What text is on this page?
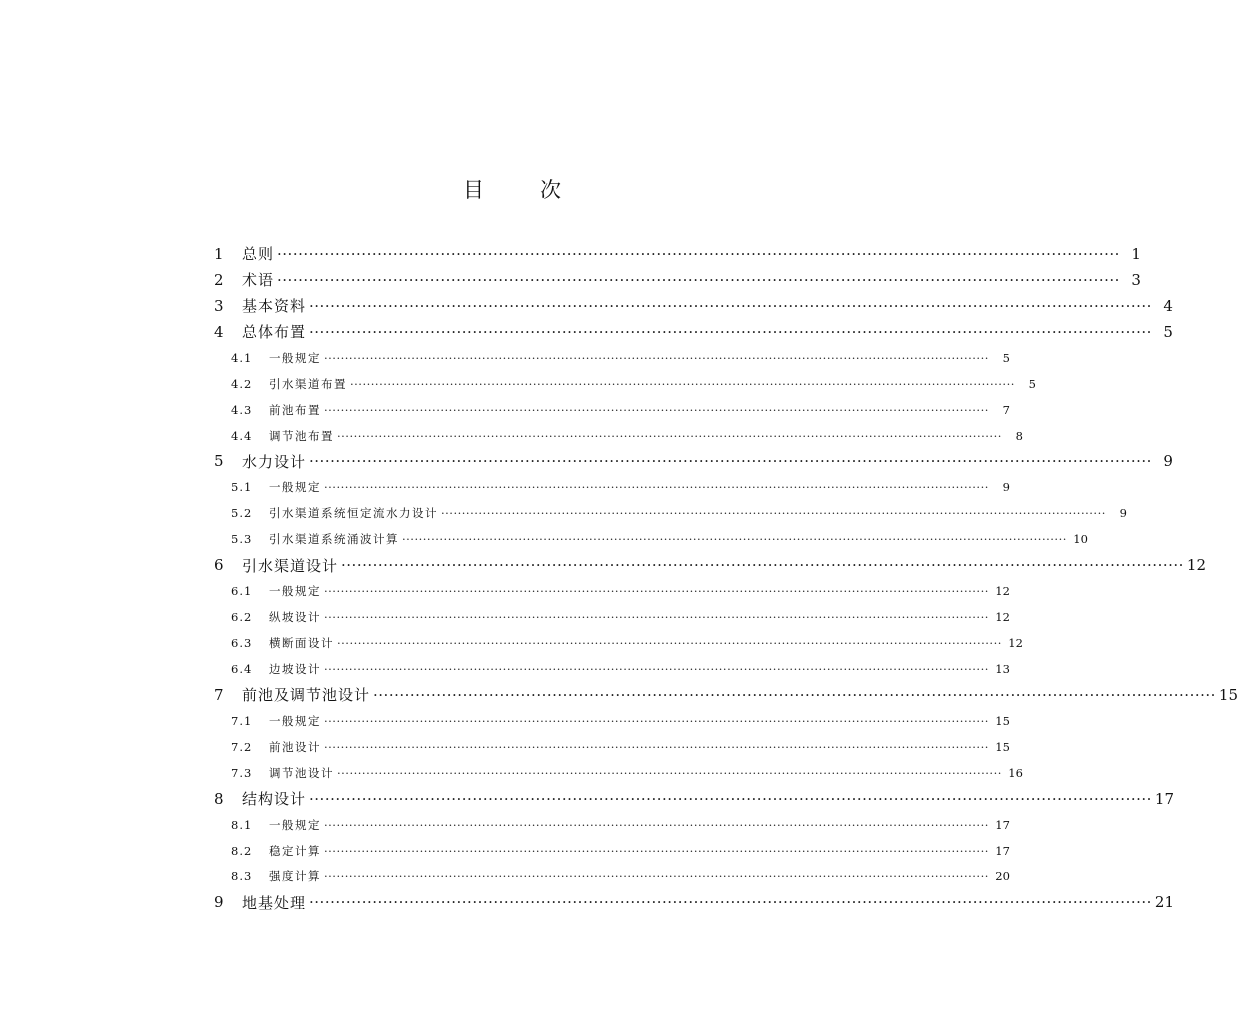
目	次
1	总则 ································································································································································ 1
2	术语 ································································································································································ 3
3	基本资料 ································································································································································ 4
4	总体布置 ································································································································································ 5
4.1	一般规定 ································································································································································	5
4.2	引水渠道布置 ································································································································································	5
4.3	前池布置 ································································································································································	7
4.4	调节池布置 ································································································································································	8
5	水力设计 ································································································································································ 9
5.1	一般规定 ································································································································································	9
5.2	引水渠道系统恒定流水力设计 ································································································································································	9
5.3	引水渠道系统涌波计算 ································································································································································ 10
6	引水渠道设计 ································································································································································ 12
6.1	一般规定 ································································································································································ 12
6.2	纵坡设计 ································································································································································ 12
6.3	横断面设计 ································································································································································ 12
6.4	边坡设计 ································································································································································ 13
7	前池及调节池设计 ································································································································································ 15
7.1	一般规定 ································································································································································ 15
7.2	前池设计 ································································································································································ 15
7.3	调节池设计 ································································································································································ 16
8	结构设计 ································································································································································ 17
8.1	一般规定 ································································································································································ 17
8.2	稳定计算 ································································································································································ 17
8.3	强度计算 ································································································································································ 20
9	地基处理 ································································································································································ 21
